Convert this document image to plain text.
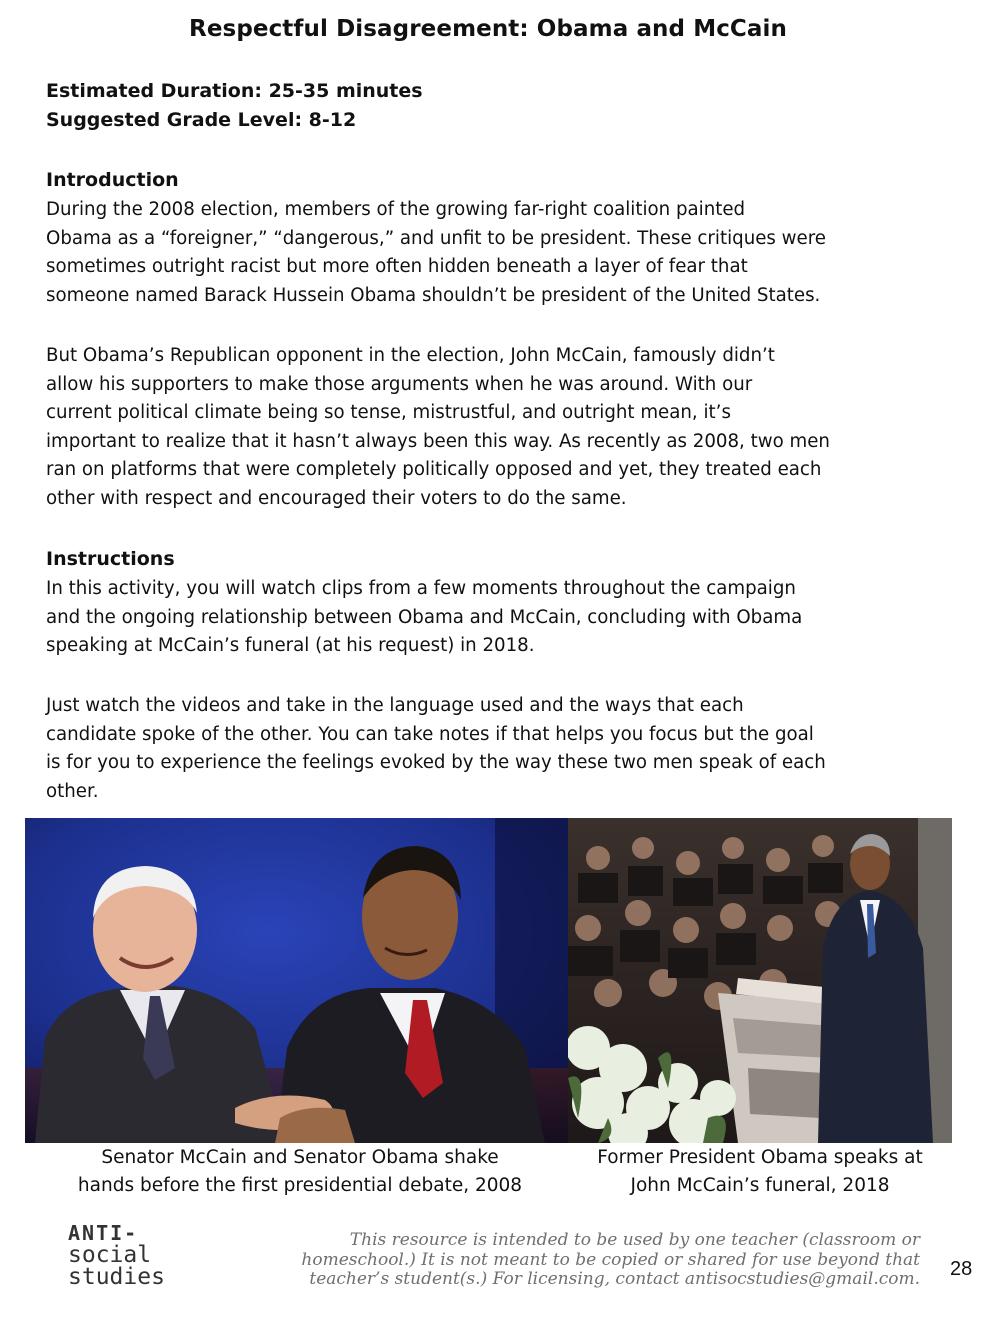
Respectful Disagreement: Obama and McCain
Estimated Duration: 25-35 minutes
Suggested Grade Level: 8-12
Introduction
During the 2008 election, members of the growing far-right coalition painted
Obama as a “foreigner,” “dangerous,” and unfit to be president. These critiques were
sometimes outright racist but more often hidden beneath a layer of fear that
someone named Barack Hussein Obama shouldn’t be president of the United States.
But Obama’s Republican opponent in the election, John McCain, famously didn’t
allow his supporters to make those arguments when he was around. With our
current political climate being so tense, mistrustful, and outright mean, it’s
important to realize that it hasn’t always been this way. As recently as 2008, two men
ran on platforms that were completely politically opposed and yet, they treated each
other with respect and encouraged their voters to do the same.
Instructions
In this activity, you will watch clips from a few moments throughout the campaign
and the ongoing relationship between Obama and McCain, concluding with Obama
speaking at McCain’s funeral (at his request) in 2018.
Just watch the videos and take in the language used and the ways that each
candidate spoke of the other. You can take notes if that helps you focus but the goal
is for you to experience the feelings evoked by the way these two men speak of each
other.
Senator McCain and Senator Obama shake
hands before the first presidential debate, 2008
Former President Obama speaks at
John McCain’s funeral, 2018
ANTI-
social
studies
This resource is intended to be used by one teacher (classroom or
homeschool.) It is not meant to be copied or shared for use beyond that
teacher’s student(s.) For licensing, contact antisocstudies@gmail.com. 28
